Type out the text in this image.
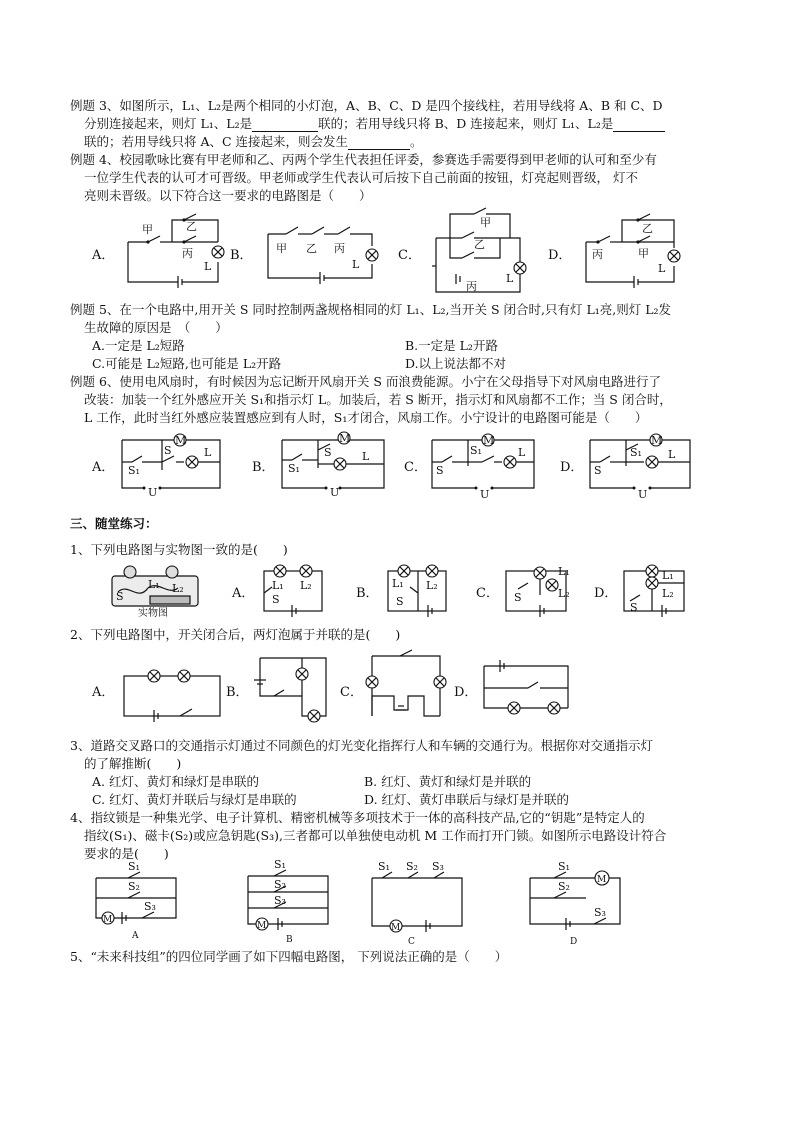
例题 3、如图所示，L₁、L₂是两个相同的小灯泡，A、B、C、D 是四个接线柱，若用导线将 A、B 和 C、D
分别连接起来，则灯 L₁、L₂是	联的；若用导线只将 B、D 连接起来，则灯 L₁、L₂是
联的；若用导线只将 A、C 连接起来，则会发生	。
例题 4、校园歌咏比赛有甲老师和乙、丙两个学生代表担任评委，参赛选手需要得到甲老师的认可和至少有
一位学生代表的认可才可晋级。甲老师或学生代表认可后按下自己前面的按钮，灯亮起则晋级， 灯不
亮则未晋级。以下符合这一要求的电路图是（　　）
A．
甲	乙
丙
L
B． 甲 乙 丙
L
C．
甲
乙
丙
L
D． 丙
乙
甲
L
例题 5、在一个电路中,用开关 S 同时控制两盏规格相同的灯 L₁、L₂,当开关 S 闭合时,只有灯 L₁亮,则灯 L₂发
生故障的原因是　（　　）
A.一定是 L₂短路	B.一定是 L₂开路
C.可能是 L₂短路,也可能是 L₂开路	D.以上说法都不对
例题 6、使用电风扇时，有时候因为忘记断开风扇开关 S 而浪费能源。小宁在父母指导下对风扇电路进行了
改装：加装一个红外感应开关 S₁和指示灯 L。加装后，若 S 断开，指示灯和风扇都不工作；当 S 闭合时，
L 工作，此时当红外感应装置感应到有人时，S₁才闭合，风扇工作。小宁设计的电路图可能是（　　）
A．
M
S₁
S	L
U
B．
M
S₁
S	L
U
C．
M
S
S₁	L
U
D．
M
S
S₁ L
U
三、随堂练习：
1、下列电路图与实物图一致的是(　　)
L₁ L₂
S
实物图
A．
L₁ L₂
S	B．
L₁ L₂
S
C．
L₁
L₂
S	D．
L₁
L₂
S
2、下列电路图中，开关闭合后，两灯泡属于并联的是(　　)
A．	B．	C．	D．
3、道路交叉路口的交通指示灯通过不同颜色的灯光变化指挥行人和车辆的交通行为。根据你对交通指示灯
的了解推断(　　)
A. 红灯、黄灯和绿灯是串联的	B. 红灯、黄灯和绿灯是并联的
C. 红灯、黄灯并联后与绿灯是串联的	D. 红灯、黄灯串联后与绿灯是并联的
4、指纹锁是一种集光学、电子计算机、精密机械等多项技术于一体的高科技产品,它的“钥匙”是特定人的
指纹(S₁)、磁卡(S₂)或应急钥匙(S₃),三者都可以单独使电动机 M 工作而打开门锁。如图所示电路设计符合
要求的是(　　)
M
S₁
S₂
S₃
A
M
S₁
S₂
S₃
B
M
S₁ S₂ S₃
C
M
S₁
S₂
S₃
D
5、“未来科技组”的四位同学画了如下四幅电路图， 下列说法正确的是（　　）
